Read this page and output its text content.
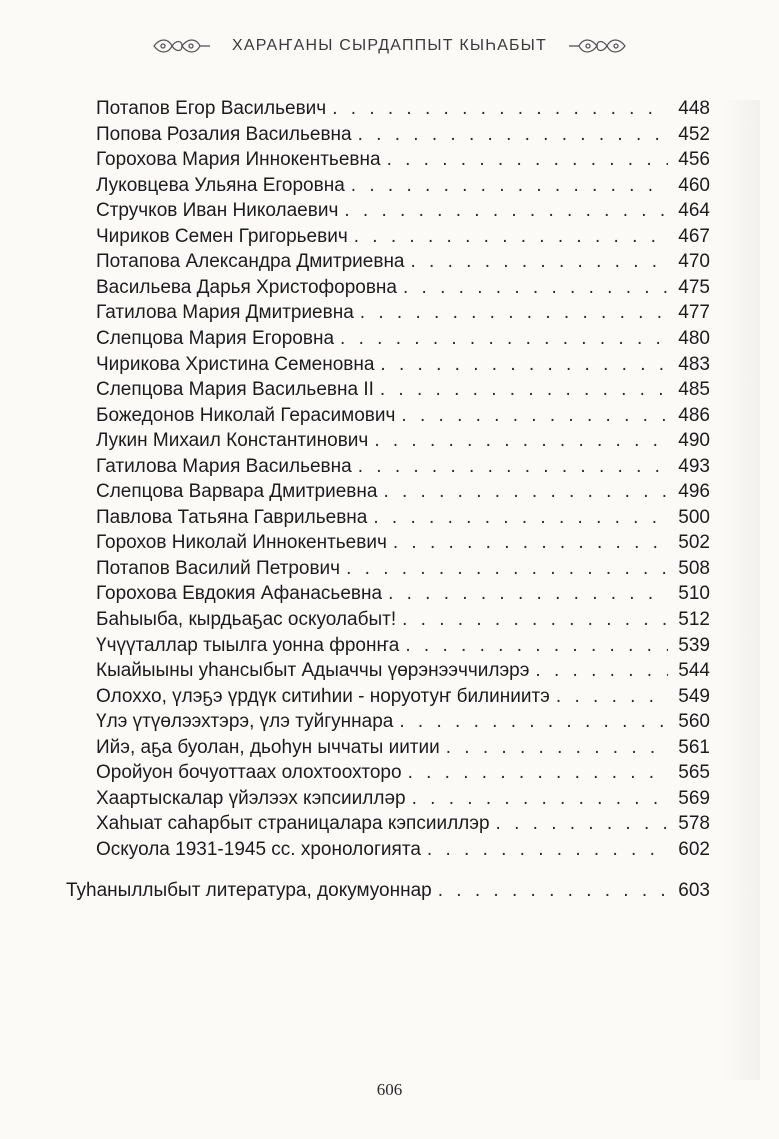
ХАРАҤАНЫ СЫРДАППЫТ КЫҺАБЫТ
Потапов Егор Васильевич . . .	448
Попова Розалия Васильевна . . .	452
Горохова Мария Иннокентьевна . . .	456
Луковцева Ульяна Егоровна . . .	460
Стручков Иван Николаевич . . .	464
Чириков Семен Григорьевич . . .	467
Потапова Александра Дмитриевна . . .	470
Васильева Дарья Христофоровна . . .	475
Гатилова Мария Дмитриевна . . .	477
Слепцова Мария Егоровна . . .	480
Чирикова Христина Семеновна . . .	483
Слепцова Мария Васильевна II . . .	485
Божедонов Николай Герасимович . . .	486
Лукин Михаил Константинович . . .	490
Гатилова Мария Васильевна . . .	493
Слепцова Варвара Дмитриевна . . .	496
Павлова Татьяна Гаврильевна . . .	500
Горохов Николай Иннокентьевич . . .	502
Потапов Василий Петрович . . .	508
Горохова Евдокия Афанасьевна . . .	510
Баһыыба, кырдьаҕас оскуолабыт! . . .	512
Үчүүталлар тыылга уонна фронҥа . . .	539
Кыайыыны уһансыбыт Адыаччы үөрэнээччилэрэ . . .	544
Олоххо, үлэҕэ үрдүк ситиһии - норуотуҥ билиниитэ . . .	549
Үлэ үтүөлээхтэрэ, үлэ туйгуннара . . .	560
Ийэ, аҕа буолан, дьоһун ыччаты иитии . . .	561
Оройуон бочуоттаах олохтоохторо . . .	565
Хаартыскалар үйэлээх кэпсиилләр . . .	569
Хаһыат саһарбыт страницалара кэпсииллэр . . .	578
Оскуола 1931-1945 сс. хронологията . . .	602
Туһаныллыбыт литература, докумуоннар . . .	603
606
